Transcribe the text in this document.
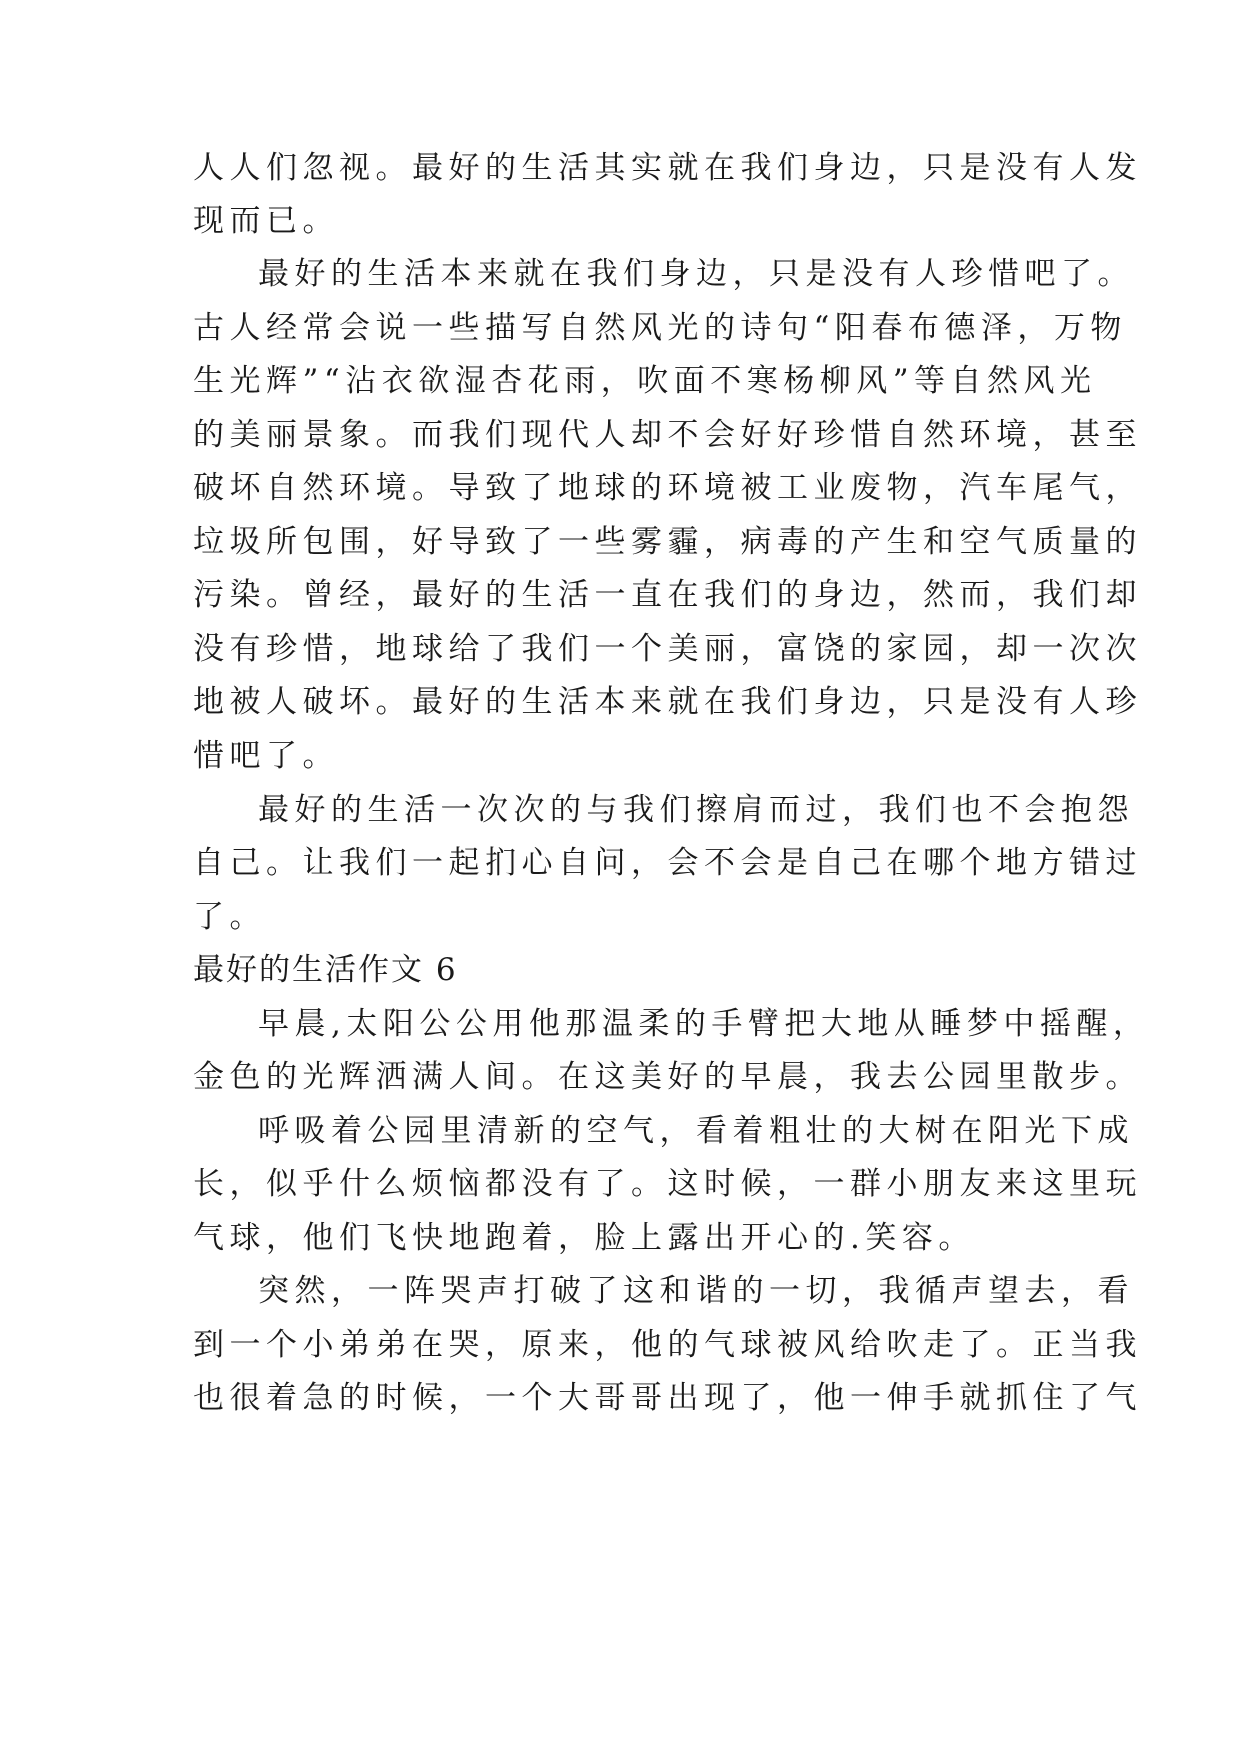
人人们忽视。最好的生活其实就在我们身边，只是没有人发
现而已。
最好的生活本来就在我们身边，只是没有人珍惜吧了。
古人经常会说一些描写自然风光的诗句“阳春布德泽，万物
生光辉”“沾衣欲湿杏花雨，吹面不寒杨柳风”等自然风光
的美丽景象。而我们现代人却不会好好珍惜自然环境，甚至
破坏自然环境。导致了地球的环境被工业废物，汽车尾气，
垃圾所包围，好导致了一些雾霾，病毒的产生和空气质量的
污染。曾经，最好的生活一直在我们的身边，然而，我们却
没有珍惜，地球给了我们一个美丽，富饶的家园，却一次次
地被人破坏。最好的生活本来就在我们身边，只是没有人珍
惜吧了。
最好的生活一次次的与我们擦肩而过，我们也不会抱怨
自己。让我们一起扪心自问，会不会是自己在哪个地方错过
了。
最好的生活作文 6
早晨,太阳公公用他那温柔的手臂把大地从睡梦中摇醒，
金色的光辉洒满人间。在这美好的早晨，我去公园里散步。
呼吸着公园里清新的空气，看着粗壮的大树在阳光下成
长，似乎什么烦恼都没有了。这时候，一群小朋友来这里玩
气球，他们飞快地跑着，脸上露出开心的.笑容。
突然，一阵哭声打破了这和谐的一切，我循声望去，看
到一个小弟弟在哭，原来，他的气球被风给吹走了。正当我
也很着急的时候，一个大哥哥出现了，他一伸手就抓住了气
